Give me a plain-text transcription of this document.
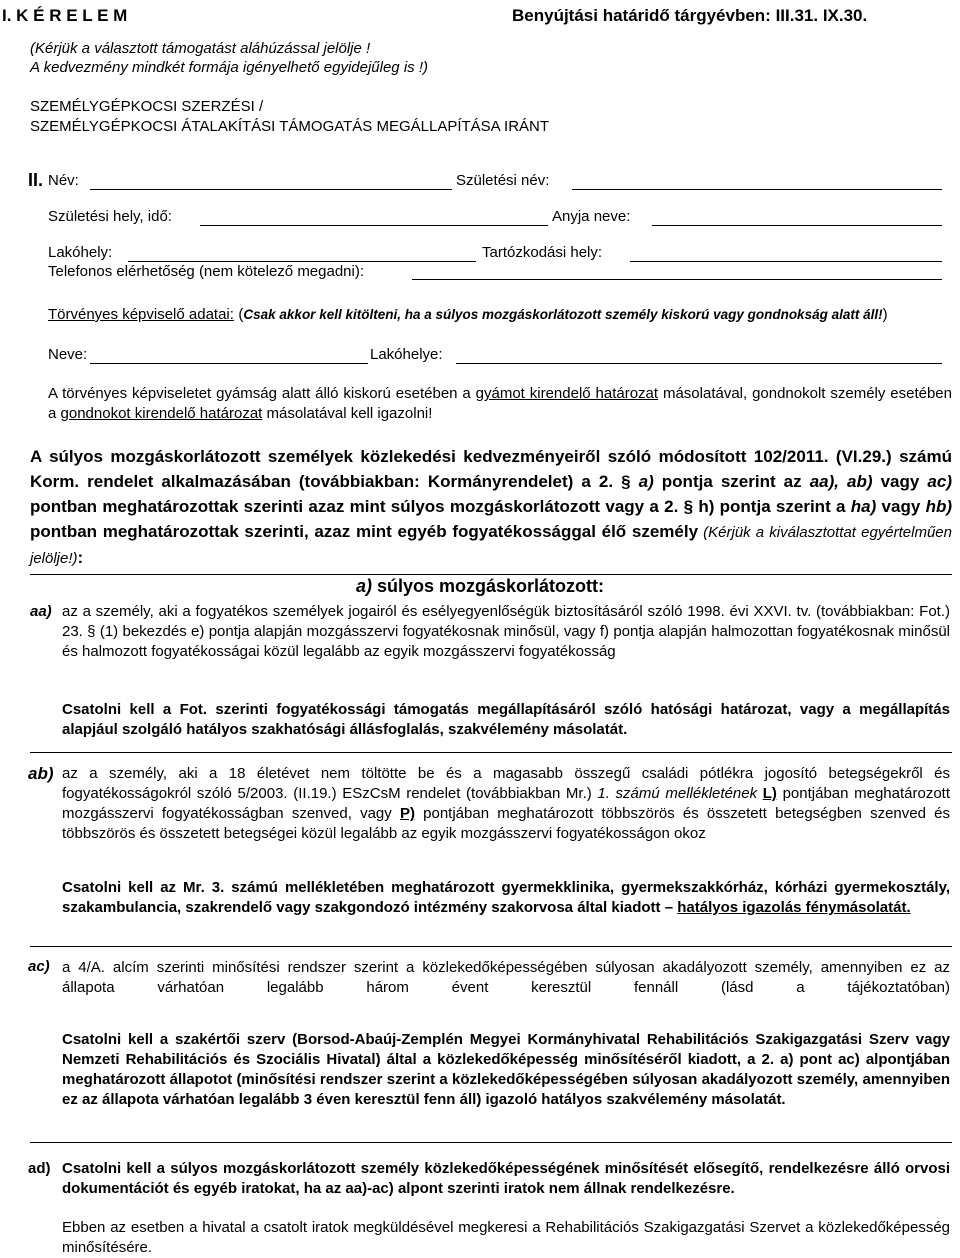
I. K É R E L E M	Benyújtási határidő tárgyévben: III.31. IX.30.
(Kérjük a választott támogatást aláhúzással jelölje !
A kedvezmény mindkét formája igényelhető egyidejűleg is !)
SZEMÉLYGÉPKOCSI SZERZÉSI /
SZEMÉLYGÉPKOCSI ÁTALAKÍTÁSI TÁMOGATÁS MEGÁLLAPÍTÁSA IRÁNT
II. Név:	Születési név:
Születési hely, idő:	Anyja neve:
Lakóhely:	Tartózkodási hely:
Telefonos elérhetőség (nem kötelező megadni):
Törvényes képviselő adatai: (Csak akkor kell kitölteni, ha a súlyos mozgáskorlátozott személy kiskorú vagy gondnokság alatt áll!)
Neve:	Lakóhelye:
A törvényes képviseletet gyámság alatt álló kiskorú esetében a gyámot kirendelő határozat másolatával, gondnokolt személy esetében a gondnokot kirendelő határozat másolatával kell igazolni!
A súlyos mozgáskorlátozott személyek közlekedési kedvezményeiről szóló módosított 102/2011. (VI.29.) számú Korm. rendelet alkalmazásában (továbbiakban: Kormányrendelet) a 2. § a) pontja szerint az aa), ab) vagy ac) pontban meghatározottak szerinti azaz mint súlyos mozgáskorlátozott vagy a 2. § h) pontja szerint a ha) vagy hb) pontban meghatározottak szerinti, azaz mint egyéb fogyatékossággal élő személy (Kérjük a kiválasztottat egyértelműen jelölje!):
a) súlyos mozgáskorlátozott:
aa) az a személy, aki a fogyatékos személyek jogairól és esélyegyenlőségük biztosításáról szóló 1998. évi XXVI. tv. (továbbiakban: Fot.) 23. § (1) bekezdés e) pontja alapján mozgásszervi fogyatékosnak minősül, vagy f) pontja alapján halmozottan fogyatékosnak minősül és halmozott fogyatékosságai közül legalább az egyik mozgásszervi fogyatékosság
Csatolni kell a Fot. szerinti fogyatékossági támogatás megállapításáról szóló hatósági határozat, vagy a megállapítás alapjául szolgáló hatályos szakhatósági állásfoglalás, szakvélemény másolatát.
ab) az a személy, aki a 18 életévet nem töltötte be és a magasabb összegű családi pótlékra jogosító betegségekről és fogyatékosságokról szóló 5/2003. (II.19.) ESzCsM rendelet (továbbiakban Mr.) 1. számú mellékletének L) pontjában meghatározott mozgásszervi fogyatékosságban szenved, vagy P) pontjában meghatározott többszörös és összetett betegségben szenved és többszörös és összetett betegségei közül legalább az egyik mozgásszervi fogyatékosságon okoz
Csatolni kell az Mr. 3. számú mellékletében meghatározott gyermekklinika, gyermekszakkórház, kórházi gyermekosztály, szakambulancia, szakrendelő vagy szakgondozó intézmény szakorvosa által kiadott – hatályos igazolás fénymásolatát.
ac) a 4/A. alcím szerinti minősítési rendszer szerint a közlekedőképességében súlyosan akadályozott személy, amennyiben ez az állapota várhatóan legalább három évent keresztül fennáll (lásd a tájékoztatóban)
Csatolni kell a szakértői szerv (Borsod-Abaúj-Zemplén Megyei Kormányhivatal Rehabilitációs Szakigazgatási Szerv vagy Nemzeti Rehabilitációs és Szociális Hivatal) által a közlekedőképesség minősítéséről kiadott, a 2. a) pont ac) alpontjában meghatározott állapotot (minősítési rendszer szerint a közlekedőképességében súlyosan akadályozott személy, amennyiben ez az állapota várhatóan legalább 3 éven keresztül fenn áll) igazoló hatályos szakvélemény másolatát.
ad) Csatolni kell a súlyos mozgáskorlátozott személy közlekedőképességének minősítését elősegítő, rendelkezésre álló orvosi dokumentációt és egyéb iratokat, ha az aa)-ac) alpont szerinti iratok nem állnak rendelkezésre.
Ebben az esetben a hivatal a csatolt iratok megküldésével megkeresi a Rehabilitációs Szakigazgatási Szervet a közlekedőképesség minősítésére.
